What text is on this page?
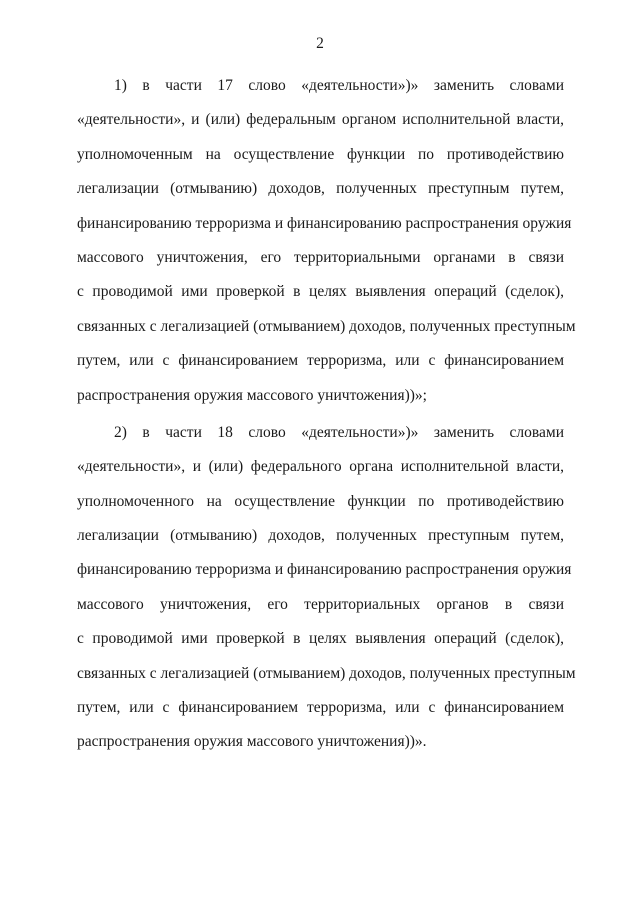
2
1) в части 17 слово «деятельности»)» заменить словами
«деятельности», и (или) федеральным органом исполнительной власти,
уполномоченным на осуществление функции по противодействию
легализации (отмыванию) доходов, полученных преступным путем,
финансированию терроризма и финансированию распространения оружия
массового уничтожения, его территориальными органами в связи
с проводимой ими проверкой в целях выявления операций (сделок),
связанных с легализацией (отмыванием) доходов, полученных преступным
путем, или с финансированием терроризма, или с финансированием
распространения оружия массового уничтожения))»;
2) в части 18 слово «деятельности»)» заменить словами
«деятельности», и (или) федерального органа исполнительной власти,
уполномоченного на осуществление функции по противодействию
легализации (отмыванию) доходов, полученных преступным путем,
финансированию терроризма и финансированию распространения оружия
массового уничтожения, его территориальных органов в связи
с проводимой ими проверкой в целях выявления операций (сделок),
связанных с легализацией (отмыванием) доходов, полученных преступным
путем, или с финансированием терроризма, или с финансированием
распространения оружия массового уничтожения))».
